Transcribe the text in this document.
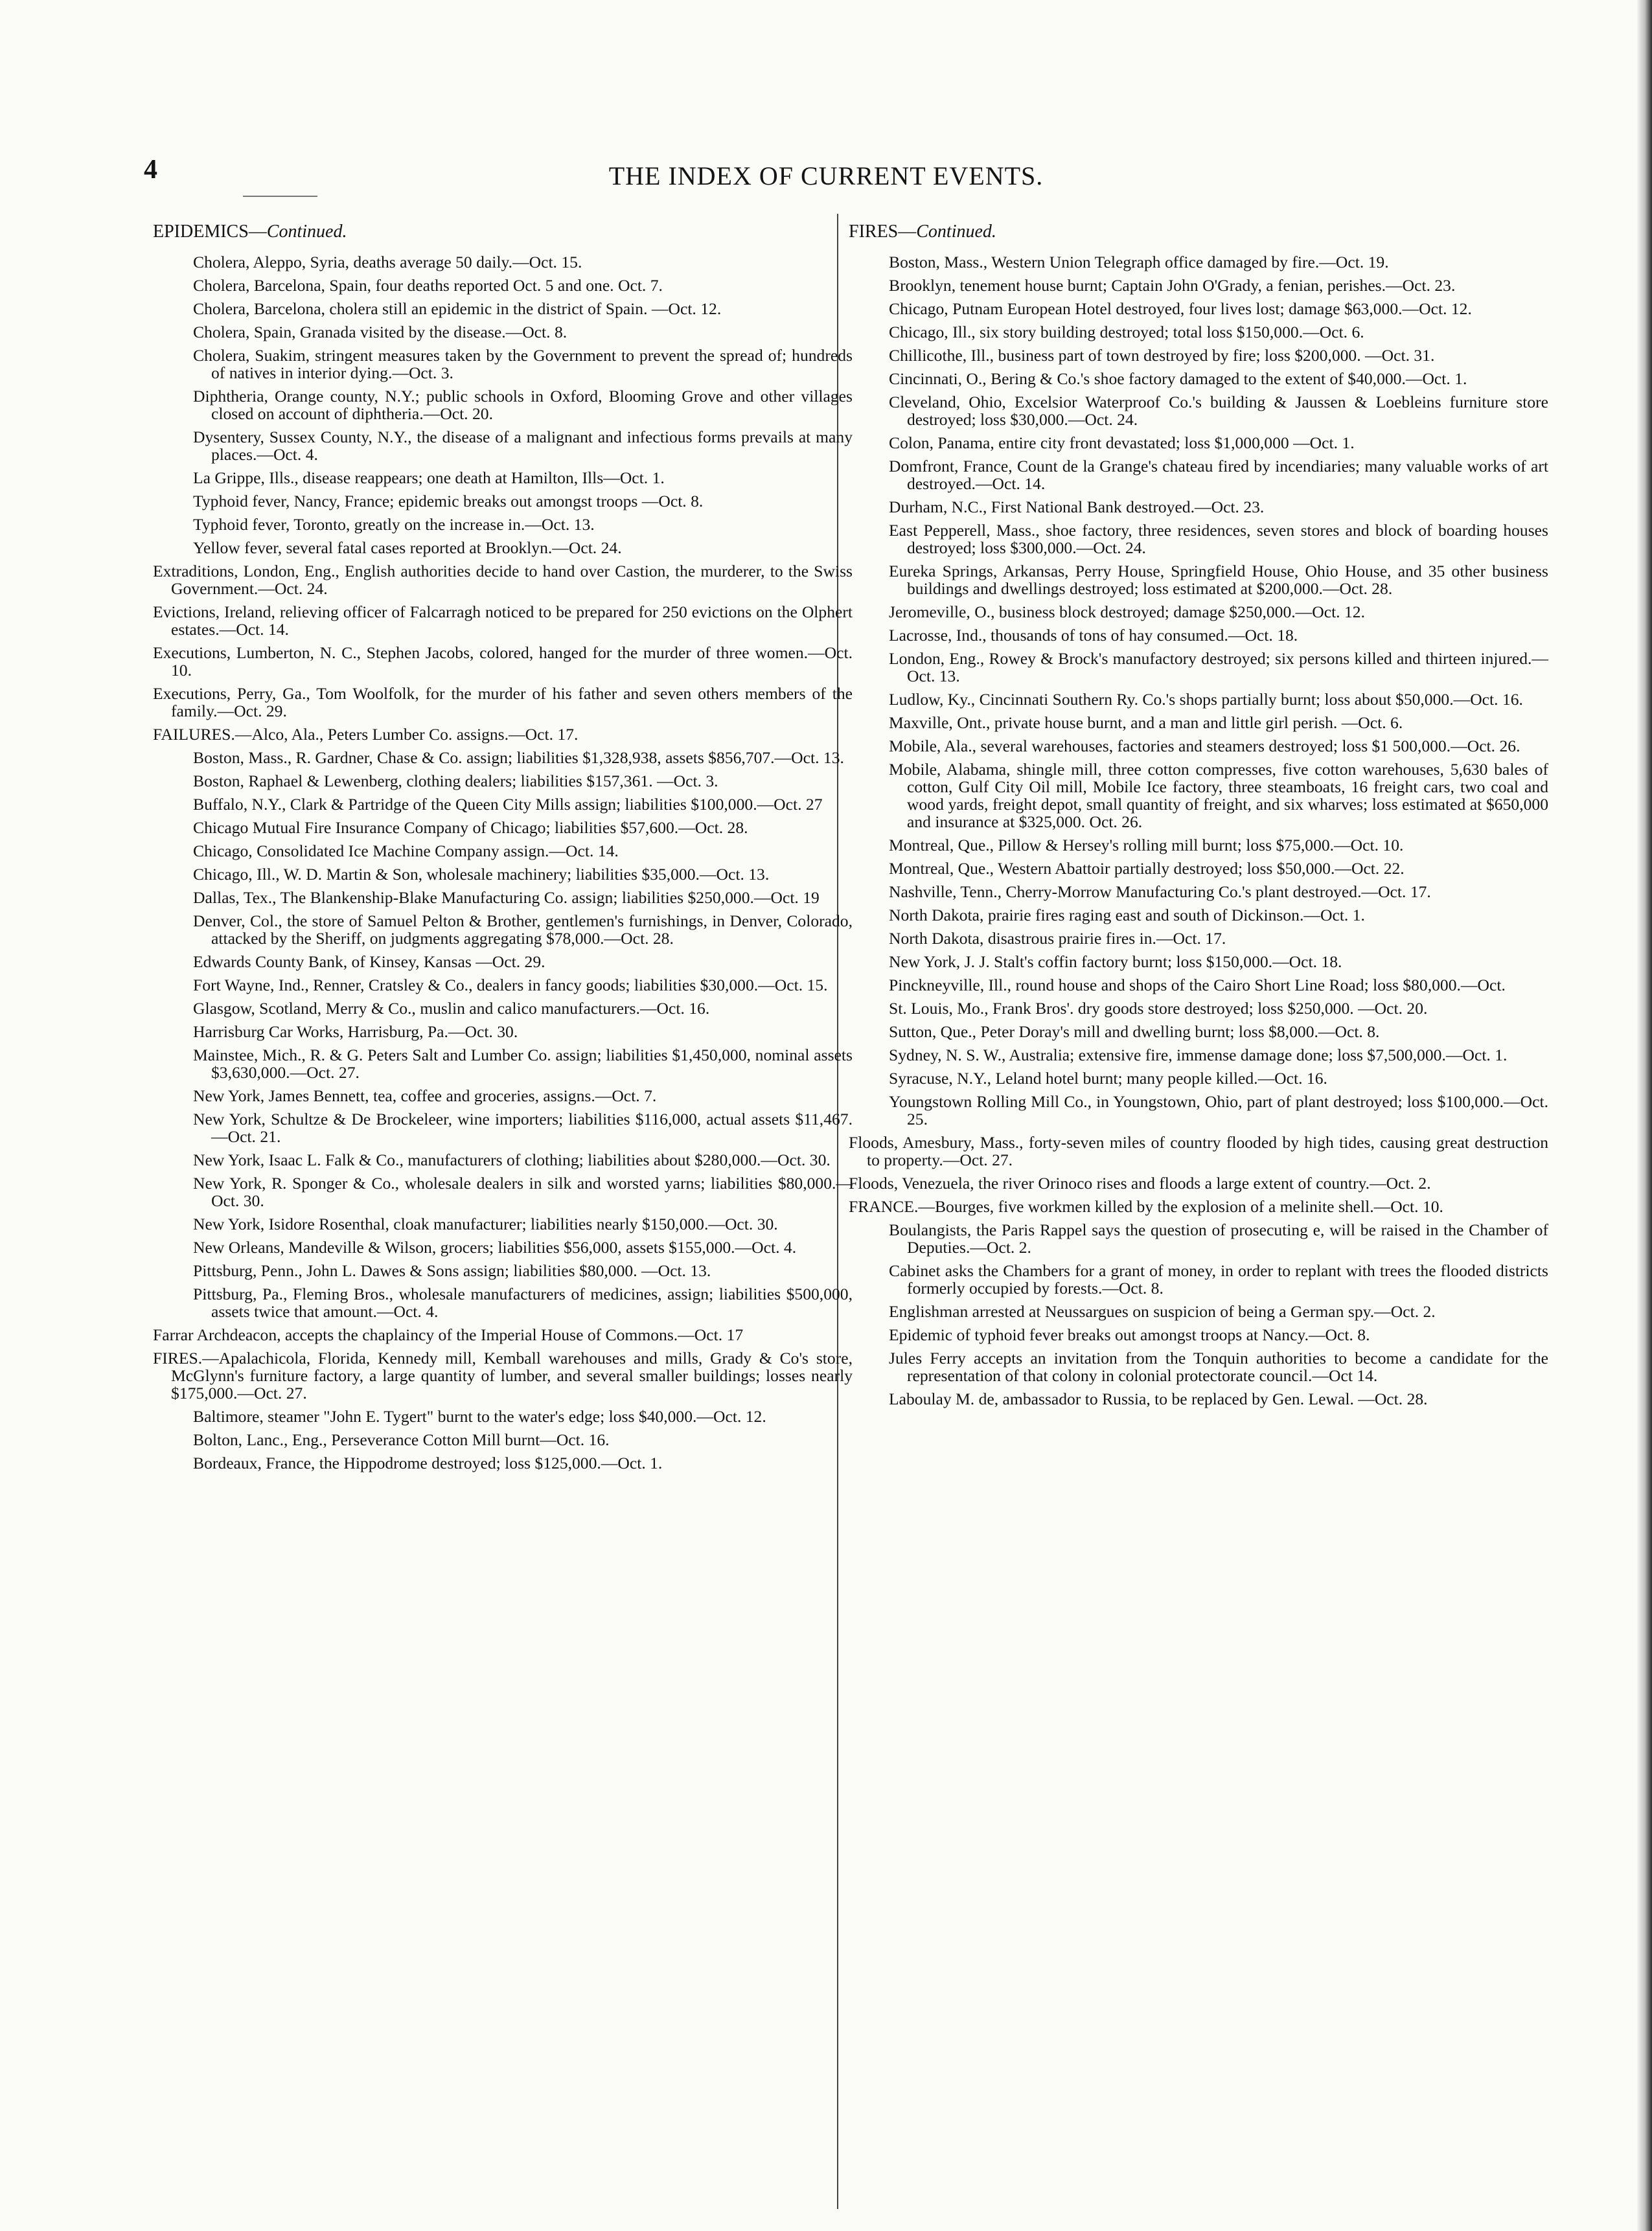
4	THE INDEX OF CURRENT EVENTS.
EPIDEMICS—Continued.

Cholera, Aleppo, Syria, deaths average 50 daily.—Oct. 15.

Cholera, Barcelona, Spain, four deaths reported Oct. 5 and one. Oct. 7.

Cholera, Barcelona, cholera still an epidemic in the district of Spain. —Oct. 12.

Cholera, Spain, Granada visited by the disease.—Oct. 8.

Cholera, Suakim, stringent measures taken by the Government to prevent the spread of; hundreds of natives in interior dying.—Oct. 3.

Diphtheria, Orange county, N.Y.; public schools in Oxford, Blooming Grove and other villages closed on account of diphtheria.—Oct. 20.

Dysentery, Sussex County, N.Y., the disease of a malignant and infectious forms prevails at many places.—Oct. 4.

La Grippe, Ills., disease reappears; one death at Hamilton, Ills—Oct. 1.

Typhoid fever, Nancy, France; epidemic breaks out amongst troops —Oct. 8.

Typhoid fever, Toronto, greatly on the increase in.—Oct. 13.

Yellow fever, several fatal cases reported at Brooklyn.—Oct. 24.

Extraditions, London, Eng., English authorities decide to hand over Castion, the murderer, to the Swiss Government.—Oct. 24.

Evictions, Ireland, relieving officer of Falcarragh noticed to be prepared for 250 evictions on the Olphert estates.—Oct. 14.

Executions, Lumberton, N. C., Stephen Jacobs, colored, hanged for the murder of three women.—Oct. 10.

Executions, Perry, Ga., Tom Woolfolk, for the murder of his father and seven others members of the family.—Oct. 29.

FAILURES.—Alco, Ala., Peters Lumber Co. assigns.—Oct. 17.

Boston, Mass., R. Gardner, Chase & Co. assign; liabilities $1,328,938, assets $856,707.—Oct. 13.

Boston, Raphael & Lewenberg, clothing dealers; liabilities $157,361. —Oct. 3.

Buffalo, N.Y., Clark & Partridge of the Queen City Mills assign; liabilities $100,000.—Oct. 27

Chicago Mutual Fire Insurance Company of Chicago; liabilities $57,600.—Oct. 28.

Chicago, Consolidated Ice Machine Company assign.—Oct. 14.

Chicago, Ill., W. D. Martin & Son, wholesale machinery; liabilities $35,000.—Oct. 13.

Dallas, Tex., The Blankenship-Blake Manufacturing Co. assign; liabilities $250,000.—Oct. 19

Denver, Col., the store of Samuel Pelton & Brother, gentlemen's furnishings, in Denver, Colorado, attacked by the Sheriff, on judgments aggregating $78,000.—Oct. 28.

Edwards County Bank, of Kinsey, Kansas —Oct. 29.

Fort Wayne, Ind., Renner, Cratsley & Co., dealers in fancy goods; liabilities $30,000.—Oct. 15.

Glasgow, Scotland, Merry & Co., muslin and calico manufacturers.—Oct. 16.

Harrisburg Car Works, Harrisburg, Pa.—Oct. 30.

Mainstee, Mich., R. & G. Peters Salt and Lumber Co. assign; liabilities $1,450,000, nominal assets $3,630,000.—Oct. 27.

New York, James Bennett, tea, coffee and groceries, assigns.—Oct. 7.

New York, Schultze & De Brockeleer, wine importers; liabilities $116,000, actual assets $11,467.—Oct. 21.

New York, Isaac L. Falk & Co., manufacturers of clothing; liabilities about $280,000.—Oct. 30.

New York, R. Sponger & Co., wholesale dealers in silk and worsted yarns; liabilities $80,000.—Oct. 30.

New York, Isidore Rosenthal, cloak manufacturer; liabilities nearly $150,000.—Oct. 30.

New Orleans, Mandeville & Wilson, grocers; liabilities $56,000, assets $155,000.—Oct. 4.

Pittsburg, Penn., John L. Dawes & Sons assign; liabilities $80,000. —Oct. 13.

Pittsburg, Pa., Fleming Bros., wholesale manufacturers of medicines, assign; liabilities $500,000, assets twice that amount.—Oct. 4.

Farrar Archdeacon, accepts the chaplaincy of the Imperial House of Commons.—Oct. 17

FIRES.—Apalachicola, Florida, Kennedy mill, Kemball warehouses and mills, Grady & Co's store, McGlynn's furniture factory, a large quantity of lumber, and several smaller buildings; losses nearly $175,000.—Oct. 27.

Baltimore, steamer "John E. Tygert" burnt to the water's edge; loss $40,000.—Oct. 12.

Bolton, Lanc., Eng., Perseverance Cotton Mill burnt—Oct. 16.

Bordeaux, France, the Hippodrome destroyed; loss $125,000.—Oct. 1.

FIRES—Continued.

Boston, Mass., Western Union Telegraph office damaged by fire.—Oct. 19.

Brooklyn, tenement house burnt; Captain John O'Grady, a fenian, perishes.—Oct. 23.

Chicago, Putnam European Hotel destroyed, four lives lost; damage $63,000.—Oct. 12.

Chicago, Ill., six story building destroyed; total loss $150,000.—Oct. 6.

Chillicothe, Ill., business part of town destroyed by fire; loss $200,000. —Oct. 31.

Cincinnati, O., Bering & Co.'s shoe factory damaged to the extent of $40,000.—Oct. 1.

Cleveland, Ohio, Excelsior Waterproof Co.'s building & Jaussen & Loebleins furniture store destroyed; loss $30,000.—Oct. 24.

Colon, Panama, entire city front devastated; loss $1,000,000 —Oct. 1.

Domfront, France, Count de la Grange's chateau fired by incendiaries; many valuable works of art destroyed.—Oct. 14.

Durham, N.C., First National Bank destroyed.—Oct. 23.

East Pepperell, Mass., shoe factory, three residences, seven stores and block of boarding houses destroyed; loss $300,000.—Oct. 24.

Eureka Springs, Arkansas, Perry House, Springfield House, Ohio House, and 35 other business buildings and dwellings destroyed; loss estimated at $200,000.—Oct. 28.

Jeromeville, O., business block destroyed; damage $250,000.—Oct. 12.

Lacrosse, Ind., thousands of tons of hay consumed.—Oct. 18.

London, Eng., Rowey & Brock's manufactory destroyed; six persons killed and thirteen injured.—Oct. 13.

Ludlow, Ky., Cincinnati Southern Ry. Co.'s shops partially burnt; loss about $50,000.—Oct. 16.

Maxville, Ont., private house burnt, and a man and little girl perish. —Oct. 6.

Mobile, Ala., several warehouses, factories and steamers destroyed; loss $1 500,000.—Oct. 26.

Mobile, Alabama, shingle mill, three cotton compresses, five cotton warehouses, 5,630 bales of cotton, Gulf City Oil mill, Mobile Ice factory, three steamboats, 16 freight cars, two coal and wood yards, freight depot, small quantity of freight, and six wharves; loss estimated at $650,000 and insurance at $325,000. Oct. 26.

Montreal, Que., Pillow & Hersey's rolling mill burnt; loss $75,000.—Oct. 10.

Montreal, Que., Western Abattoir partially destroyed; loss $50,000.—Oct. 22.

Nashville, Tenn., Cherry-Morrow Manufacturing Co.'s plant destroyed.—Oct. 17.

North Dakota, prairie fires raging east and south of Dickinson.—Oct. 1.

North Dakota, disastrous prairie fires in.—Oct. 17.

New York, J. J. Stalt's coffin factory burnt; loss $150,000.—Oct. 18.

Pinckneyville, Ill., round house and shops of the Cairo Short Line Road; loss $80,000.—Oct.

St. Louis, Mo., Frank Bros'. dry goods store destroyed; loss $250,000. —Oct. 20.

Sutton, Que., Peter Doray's mill and dwelling burnt; loss $8,000.—Oct. 8.

Sydney, N. S. W., Australia; extensive fire, immense damage done; loss $7,500,000.—Oct. 1.

Syracuse, N.Y., Leland hotel burnt; many people killed.—Oct. 16.

Youngstown Rolling Mill Co., in Youngstown, Ohio, part of plant destroyed; loss $100,000.—Oct. 25.

Floods, Amesbury, Mass., forty-seven miles of country flooded by high tides, causing great destruction to property.—Oct. 27.

Floods, Venezuela, the river Orinoco rises and floods a large extent of country.—Oct. 2.

FRANCE.—Bourges, five workmen killed by the explosion of a melinite shell.—Oct. 10.

Boulangists, the Paris Rappel says the question of prosecuting e, will be raised in the Chamber of Deputies.—Oct. 2.

Cabinet asks the Chambers for a grant of money, in order to replant with trees the flooded districts formerly occupied by forests.—Oct. 8.

Englishman arrested at Neussargues on suspicion of being a German spy.—Oct. 2.

Epidemic of typhoid fever breaks out amongst troops at Nancy.—Oct. 8.

Jules Ferry accepts an invitation from the Tonquin authorities to become a candidate for the representation of that colony in colonial protectorate council.—Oct 14.

Laboulay M. de, ambassador to Russia, to be replaced by Gen. Lewal. —Oct. 28.
